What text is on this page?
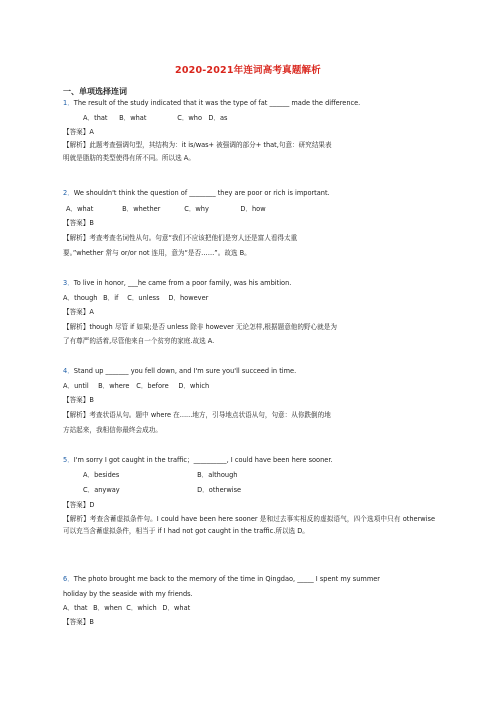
2020-2021年连词高考真题解析
一、单项选择连词
1．The result of the study indicated that it was the type of fat ______ made the difference.
A．that B．what	C．who D．as
【答案】A
【解析】此题考查强调句型，其结构为：it is/was+ 被强调的部分+ that,句意：研究结果表
明就是脂肪的类型使得有所不同。所以选 A。
2．We shouldn't think the question of ________ they are poor or rich is important.
A．what	B．whether	C．why	D．how
【答案】B
【解析】考查考查名词性从句。句意“我们不应该把他们是穷人还是富人看得太重
要。”whether 常与 or/or not 连用，意为“是否……”。故选 B。
3．To live in honor, ___he came from a poor family, was his ambition.
A．though B．if C．unless D．however
【答案】A
【解析】though 尽管 if 如果;是否 unless 除非 however 无论怎样,根据题意他的野心就是为
了有尊严的活着,尽管他来自一个贫穷的家庭.故选 A.
4．Stand up _______ you fell down, and I'm sure you'll succeed in time.
A．until B．where C．before D．which
【答案】B
【解析】考查状语从句。题中 where 在......地方，引导地点状语从句，句意：从你跌倒的地
方站起来，我相信你最终会成功。
5．I'm sorry I got caught in the traffic；__________, I could have been here sooner.
A．besides	B．although
C．anyway	D．otherwise
【答案】D
【解析】考查含蓄虚拟条件句。I could have been here sooner 是和过去事实相反的虚拟语气，四个选项中只有 otherwise 可以充当含蓄虚拟条件，相当于 if I had not got caught in the traffic.所以选 D。
6．The photo brought me back to the memory of the time in Qingdao, _____ I spent my summer
holiday by the seaside with my friends.
A．that B．when C．which D．what
【答案】B
